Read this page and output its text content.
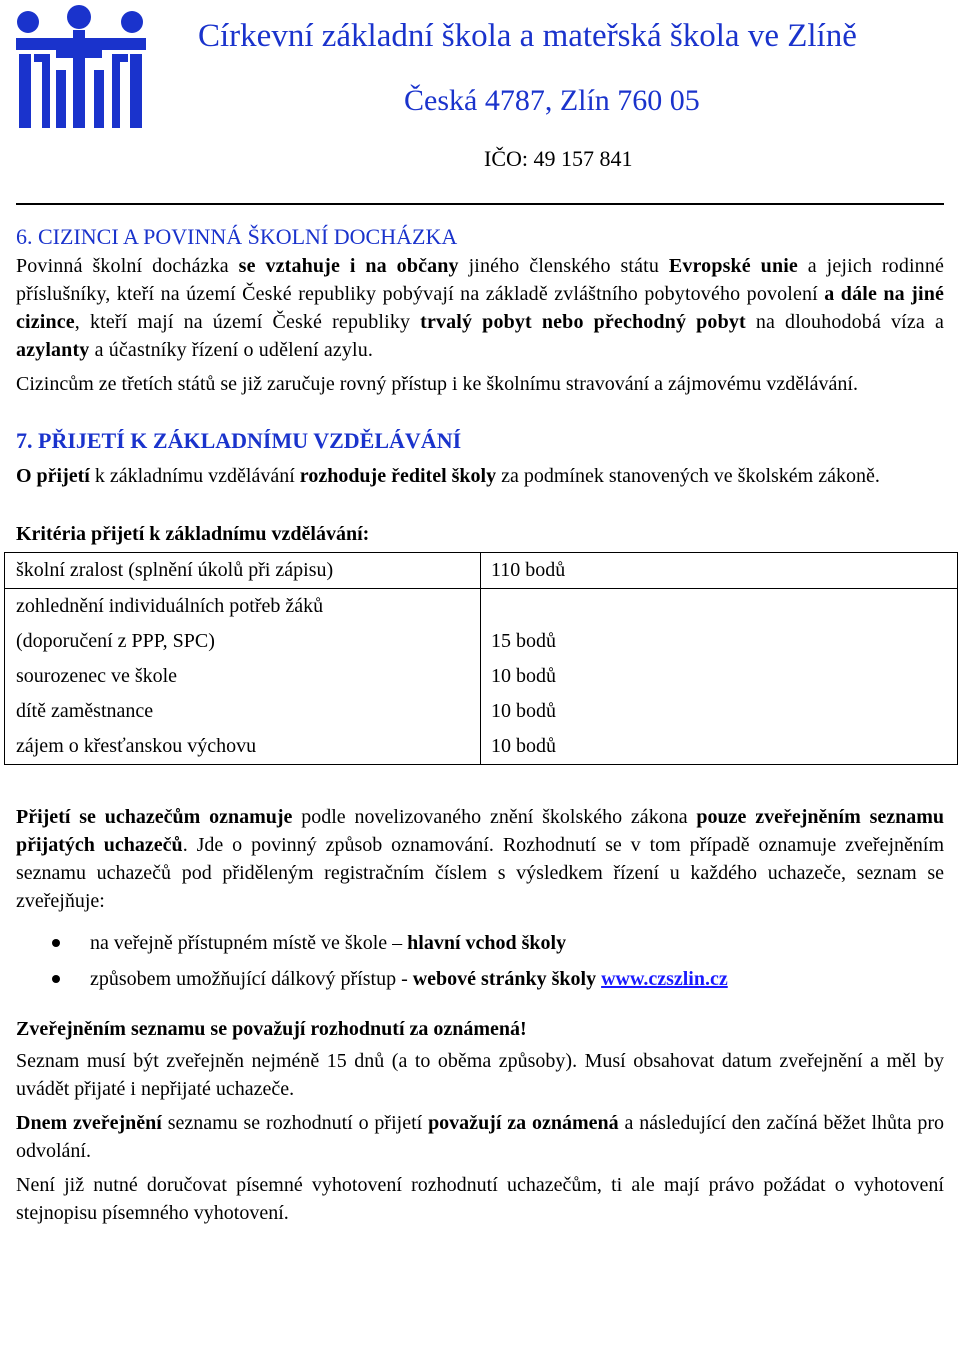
Církevní základní škola a mateřská škola ve Zlíně
Česká 4787, Zlín 760 05
IČO: 49 157 841
6. CIZINCI A POVINNÁ ŠKOLNÍ DOCHÁZKA

Povinná školní docházka se vztahuje i na občany jiného členského státu Evropské unie a jejich rodinné příslušníky, kteří na území České republiky pobývají na základě zvláštního pobytového povolení a dále na jiné cizince, kteří mají na území České republiky trvalý pobyt nebo přechodný pobyt na dlouhodobá víza a azylanty a účastníky řízení o udělení azylu.

Cizincům ze třetích států se již zaručuje rovný přístup i ke školnímu stravování a zájmovému vzdělávání.

7. PŘIJETÍ K ZÁKLADNÍMU VZDĚLÁVÁNÍ

O přijetí k základnímu vzdělávání rozhoduje ředitel školy za podmínek stanovených ve školském zákoně.

Kritéria přijetí k základnímu vzdělávání:

školní zralost (splnění úkolů při zápisu)	110 bodů
zohlednění individuálních potřeb žáků	
(doporučení z PPP, SPC)	15 bodů
sourozenec ve škole	10 bodů
dítě zaměstnance	10 bodů
zájem o křesťanskou výchovu	10 bodů

Přijetí se uchazečům oznamuje podle novelizovaného znění školského zákona pouze zveřejněním seznamu přijatých uchazečů. Jde o povinný způsob oznamování. Rozhodnutí se v tom případě oznamuje zveřejněním seznamu uchazečů pod přiděleným registračním číslem s výsledkem řízení u každého uchazeče, seznam se zveřejňuje:

na veřejně přístupném místě ve škole – hlavní vchod školy
způsobem umožňující dálkový přístup - webové stránky školy www.czszlin.cz

Zveřejněním seznamu se považují rozhodnutí za oznámená!

Seznam musí být zveřejněn nejméně 15 dnů (a to oběma způsoby). Musí obsahovat datum zveřejnění a měl by uvádět přijaté i nepřijaté uchazeče.

Dnem zveřejnění seznamu se rozhodnutí o přijetí považují za oznámená a následující den začíná běžet lhůta pro odvolání.

Není již nutné doručovat písemné vyhotovení rozhodnutí uchazečům, ti ale mají právo požádat o vyhotovení stejnopisu písemného vyhotovení.
